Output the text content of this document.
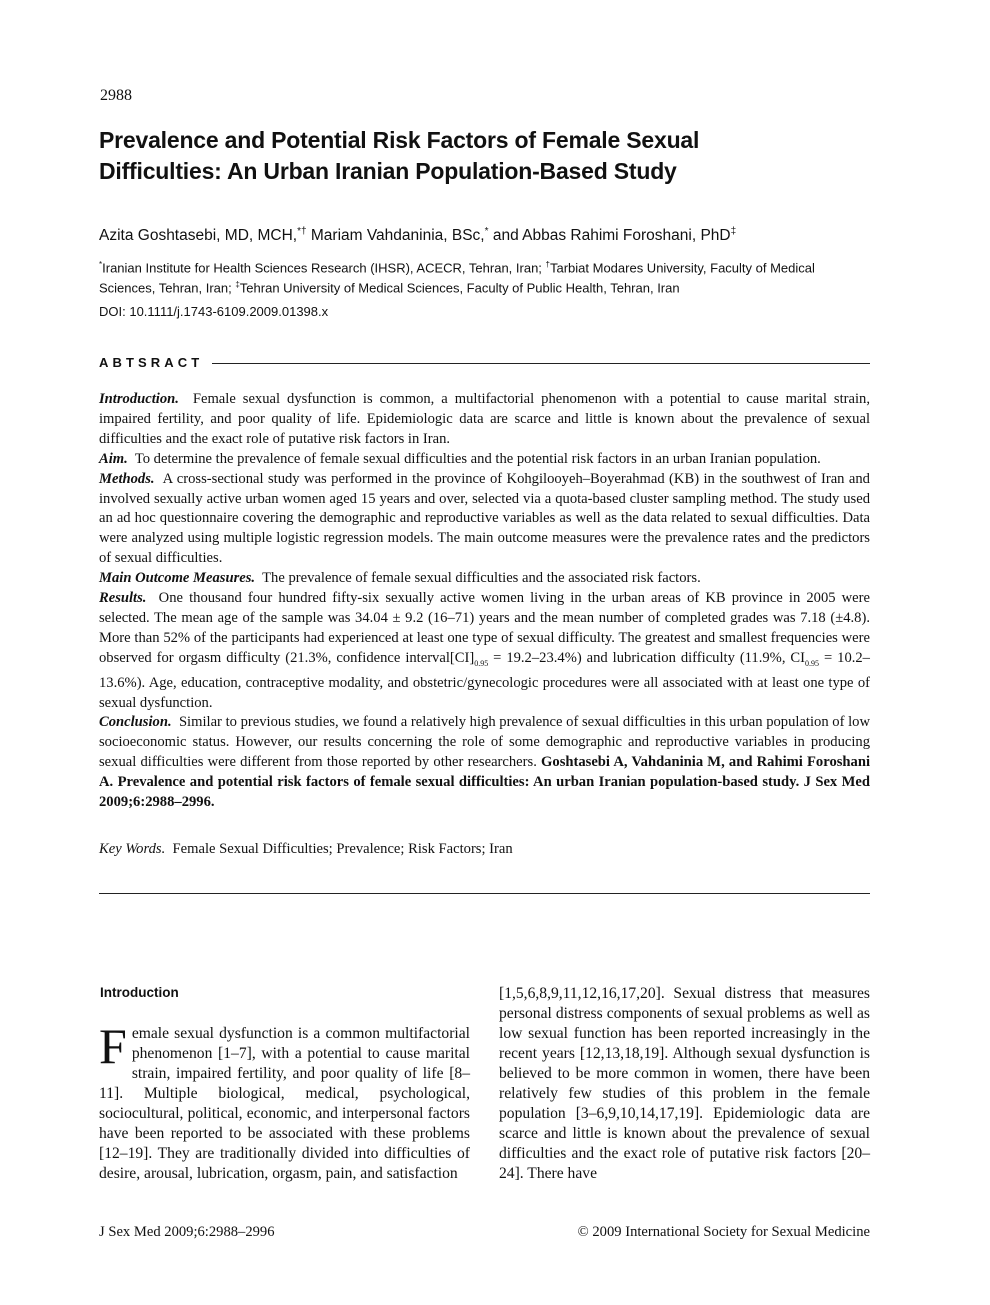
2988
Prevalence and Potential Risk Factors of Female Sexual
Difficulties: An Urban Iranian Population-Based Study
Azita Goshtasebi, MD, MCH,*† Mariam Vahdaninia, BSc,* and Abbas Rahimi Foroshani, PhD‡
*Iranian Institute for Health Sciences Research (IHSR), ACECR, Tehran, Iran; †Tarbiat Modares University, Faculty of Medical Sciences, Tehran, Iran; ‡Tehran University of Medical Sciences, Faculty of Public Health, Tehran, Iran
DOI: 10.1111/j.1743-6109.2009.01398.x
ABTSRACT

Introduction. Female sexual dysfunction is common, a multifactorial phenomenon with a potential to cause marital strain, impaired fertility, and poor quality of life. Epidemiologic data are scarce and little is known about the prevalence of sexual difficulties and the exact role of putative risk factors in Iran.

Aim. To determine the prevalence of female sexual difficulties and the potential risk factors in an urban Iranian population.

Methods. A cross-sectional study was performed in the province of Kohgilooyeh–Boyerahmad (KB) in the southwest of Iran and involved sexually active urban women aged 15 years and over, selected via a quota-based cluster sampling method. The study used an ad hoc questionnaire covering the demographic and reproductive variables as well as the data related to sexual difficulties. Data were analyzed using multiple logistic regression models. The main outcome measures were the prevalence rates and the predictors of sexual difficulties.

Main Outcome Measures. The prevalence of female sexual difficulties and the associated risk factors.

Results. One thousand four hundred fifty-six sexually active women living in the urban areas of KB province in 2005 were selected. The mean age of the sample was 34.04 ± 9.2 (16–71) years and the mean number of completed grades was 7.18 (±4.8). More than 52% of the participants had experienced at least one type of sexual difficulty. The greatest and smallest frequencies were observed for orgasm difficulty (21.3%, confidence $interval[CI]_{0.95} = 19.2-23.4\%$) and lubrication difficulty (11.9%, $CI_{0.95} = 10.2-13.6\%$). Age, education, contraceptive modality, and obstetric/gynecologic procedures were all associated with at least one type of sexual dysfunction.

Conclusion. Similar to previous studies, we found a relatively high prevalence of sexual difficulties in this urban population of low socioeconomic status. However, our results concerning the role of some demographic and reproductive variables in producing sexual difficulties were different from those reported by other researchers. Goshtasebi A, Vahdaninia M, and Rahimi Foroshani A. Prevalence and potential risk factors of female sexual difficulties: An urban Iranian population-based study. J Sex Med 2009;6:2988–2996.

Key Words. Female Sexual Difficulties; Prevalence; Risk Factors; Iran
Introduction

Female sexual dysfunction is a common multifactorial phenomenon [1–7], with a potential to cause marital strain, impaired fertility, and poor quality of life [8–11]. Multiple biological, medical, psychological, sociocultural, political, economic, and interpersonal factors have been reported to be associated with these problems [12–19]. They are traditionally divided into difficulties of desire, arousal, lubrication, orgasm, pain, and satisfaction

[1,5,6,8,9,11,12,16,17,20]. Sexual distress that measures personal distress components of sexual problems as well as low sexual function has been reported increasingly in the recent years [12,13,18,19]. Although sexual dysfunction is believed to be more common in women, there have been relatively few studies of this problem in the female population [3–6,9,10,14,17,19]. Epidemiologic data are scarce and little is known about the prevalence of sexual difficulties and the exact role of putative risk factors [20–24]. There have

J Sex Med 2009;6:2988–2996	© 2009 International Society for Sexual Medicine
